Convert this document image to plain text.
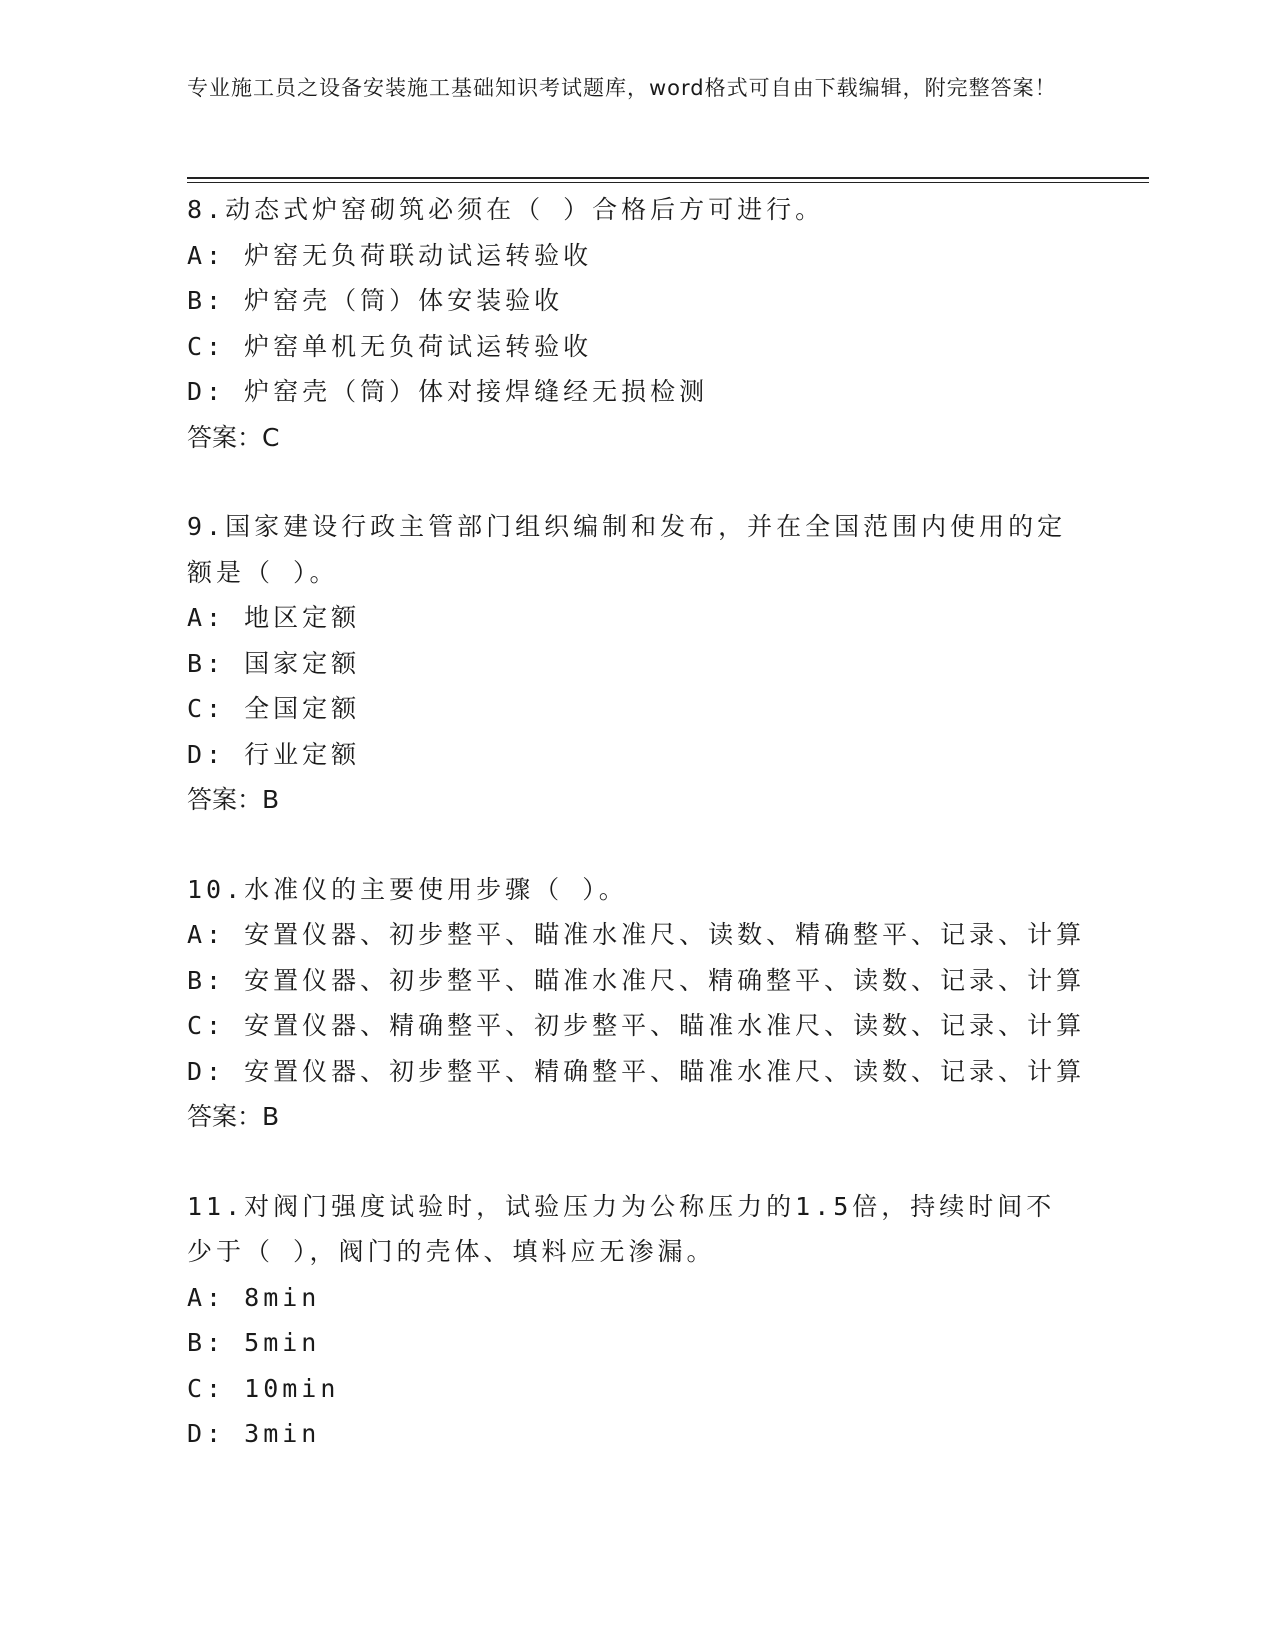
专业施工员之设备安装施工基础知识考试题库，word格式可自由下载编辑，附完整答案！
8.动态式炉窑砌筑必须在（ ）合格后方可进行。
A: 炉窑无负荷联动试运转验收
B: 炉窑壳（筒）体安装验收
C: 炉窑单机无负荷试运转验收
D: 炉窑壳（筒）体对接焊缝经无损检测
答案：C
9.国家建设行政主管部门组织编制和发布，并在全国范围内使用的定额是（ ）。
A: 地区定额
B: 国家定额
C: 全国定额
D: 行业定额
答案：B
10.水准仪的主要使用步骤（ ）。
A: 安置仪器、初步整平、瞄准水准尺、读数、精确整平、记录、计算
B: 安置仪器、初步整平、瞄准水准尺、精确整平、读数、记录、计算
C: 安置仪器、精确整平、初步整平、瞄准水准尺、读数、记录、计算
D: 安置仪器、初步整平、精确整平、瞄准水准尺、读数、记录、计算
答案：B
11.对阀门强度试验时，试验压力为公称压力的1.5倍，持续时间不少于（ ），阀门的壳体、填料应无渗漏。
A: 8min
B: 5min
C: 10min
D: 3min
